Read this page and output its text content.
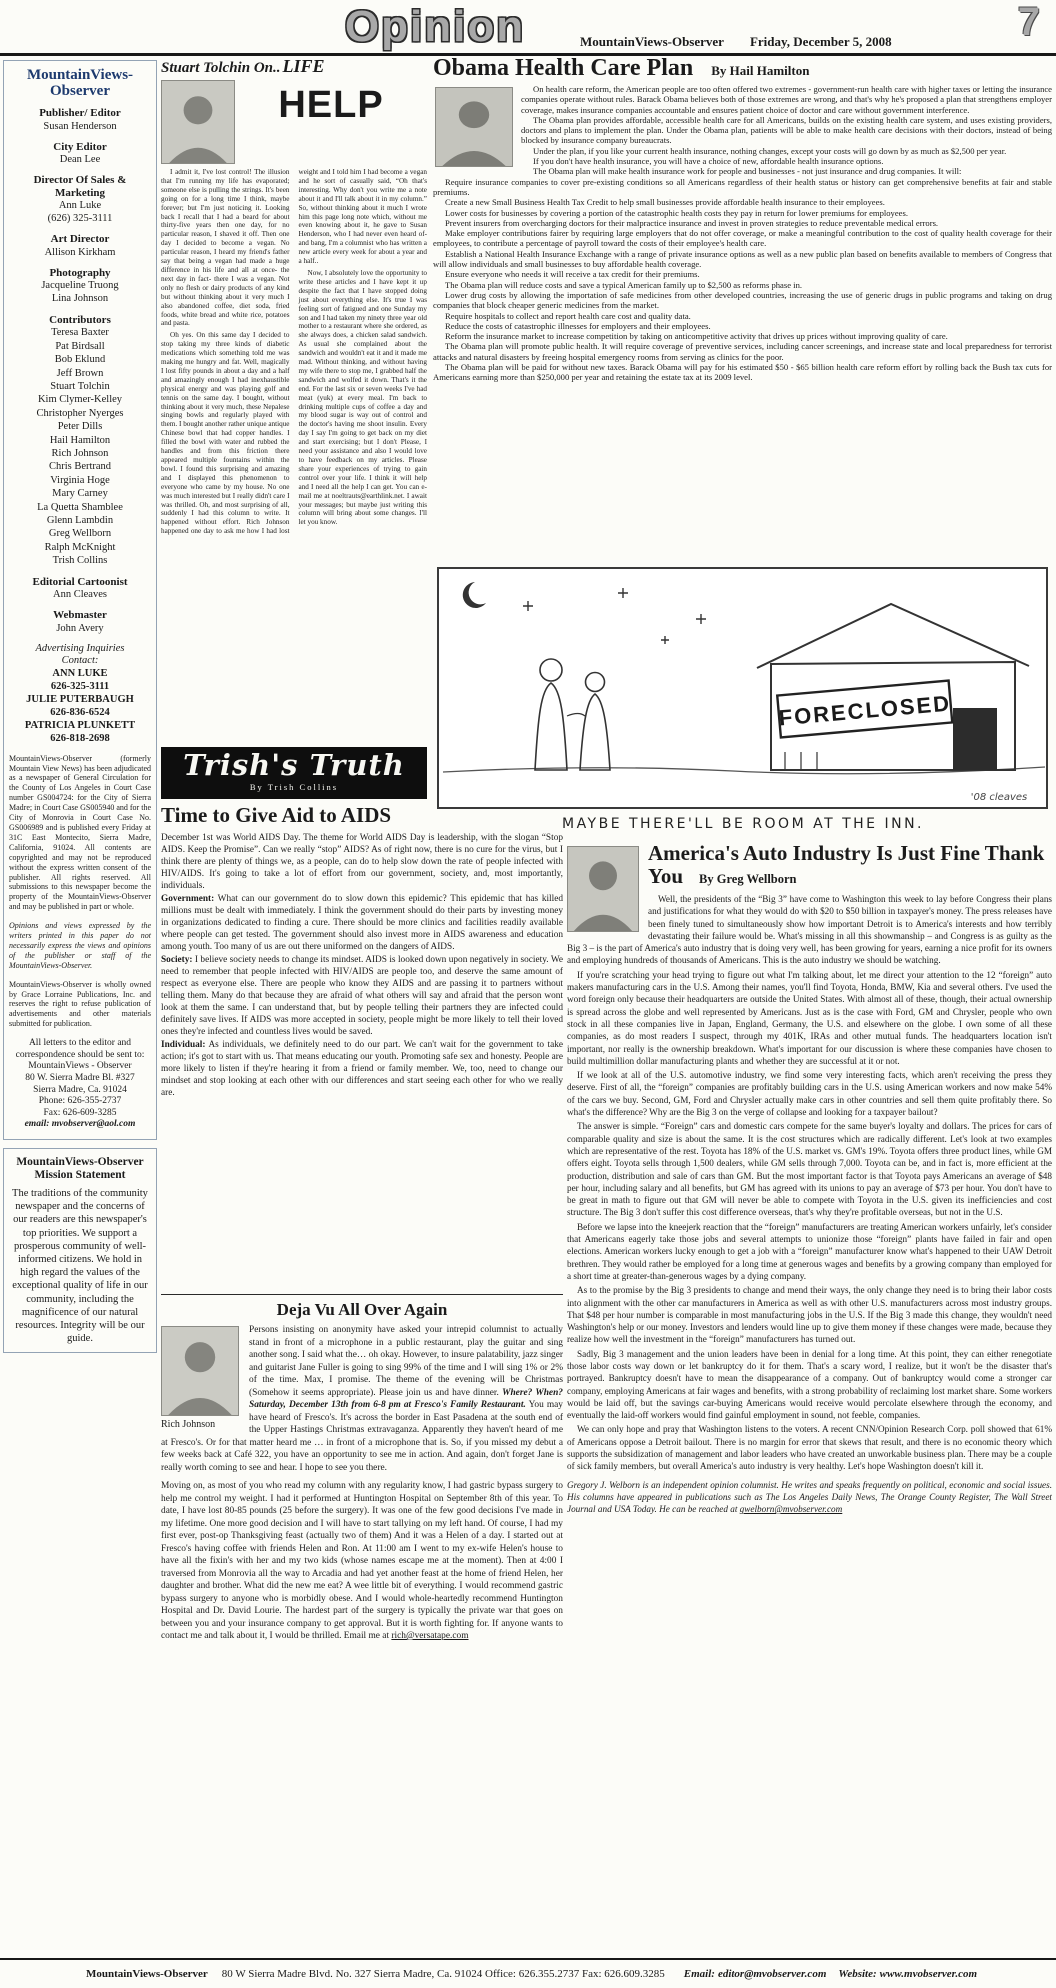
Opinion	7
MountainViews-Observer Friday, December 5, 2008
MountainViews-Observer
Publisher/ Editor
Susan Henderson
City Editor
Dean Lee
Director Of Sales & Marketing
Ann Luke
(626) 325-3111
Art Director
Allison Kirkham
Photography
Jacqueline Truong
Lina Johnson
Contributors
Teresa Baxter
Pat Birdsall
Bob Eklund
Jeff Brown
Stuart Tolchin
Kim Clymer-Kelley
Christopher Nyerges
Peter Dills
Hail Hamilton
Rich Johnson
Chris Bertrand
Virginia Hoge
Mary Carney
La Quetta Shamblee
Glenn Lambdin
Greg Wellborn
Ralph McKnight
Trish Collins
Editorial Cartoonist
Ann Cleaves
Webmaster
John Avery
Advertising Inquiries
Contact:
ANN LUKE
626-325-3111
JULIE PUTERBAUGH
626-836-6524
PATRICIA PLUNKETT
626-818-2698
MountainViews-Observer (formerly Mountain View News) has been adjudicated as a newspaper of General Circulation for the County of Los Angeles in Court Case number GS004724: for the City of Sierra Madre; in Court Case GS005940 and for the City of Monrovia in Court Case No. GS006989 and is published every Friday at 31C East Montecito, Sierra Madre, California, 91024. All contents are copyrighted and may not be reproduced without the express written consent of the publisher. All rights reserved. All submissions to this newspaper become the property of the MountainViews-Observer and may be published in part or whole.
Opinions and views expressed by the writers printed in this paper do not necessarily express the views and opinions of the publisher or staff of the MountainViews-Observer.
MountainViews-Observer is wholly owned by Grace Lorraine Publications, Inc. and reserves the right to refuse publication of advertisements and other materials submitted for publication.
All letters to the editor and correspondence should be sent to:
MountainViews - Observer
80 W. Sierra Madre Bl. #327
Sierra Madre, Ca. 91024
Phone: 626-355-2737
Fax: 626-609-3285
email: mvobserver@aol.com
MountainViews-Observer
Mission Statement
The traditions of the community newspaper and the concerns of our readers are this newspaper's top priorities. We support a prosperous community of well-informed citizens. We hold in high regard the values of the exceptional quality of life in our community, including the magnificence of our natural resources. Integrity will be our guide.
Stuart Tolchin On.. LIFE
HELP

I admit it, I've lost control! The illusion that I'm running my life has evaporated; someone else is pulling the strings. It's been going on for a long time I think, maybe forever; but I'm just noticing it. Looking back I recall that I had a beard for about thirty-five years then one day, for no particular reason, I shaved it off. Then one day I decided to become a vegan. No particular reason, I heard my friend's father say that being a vegan had made a huge difference in his life and all at once- the next day in fact- there I was a vegan. Not only no flesh or dairy products of any kind but without thinking about it very much I also abandoned coffee, diet soda, fried foods, white bread and white rice, potatoes and pasta.

Oh yes. On this same day I decided to stop taking my three kinds of diabetic medications which something told me was making me hungry and fat. Well, magically I lost fifty pounds in about a day and a half and amazingly enough I had inexhaustible physical energy and was playing golf and tennis on the same day. I bought, without thinking about it very much, these Nepalese singing bowls and regularly played with them. I bought another rather unique antique Chinese bowl that had copper handles. I filled the bowl with water and rubbed the handles and from this friction there appeared multiple fountains within the bowl. I found this surprising and amazing and I displayed this phenomenon to everyone who came by my house. No one was much interested but I really didn't care I was thrilled. Oh, and most surprising of all, suddenly I had this column to write. It happened without effort. Rich Johnson happened one day to ask me how I had lost weight and I told him I had become a vegan and he sort of casually said, “Oh that's interesting. Why don't you write me a note about it and I'll talk about it in my column.” So, without thinking about it much I wrote him this page long note which, without me even knowing about it, he gave to Susan Henderson, who I had never even heard of- and bang, I'm a columnist who has written a new article every week for about a year and a half..

Now, I absolutely love the opportunity to write these articles and I have kept it up despite the fact that I have stopped doing just about everything else. It's true I was feeling sort of fatigued and one Sunday my son and I had taken my ninety three year old mother to a restaurant where she ordered, as she always does, a chicken salad sandwich. As usual she complained about the sandwich and wouldn't eat it and it made me mad. Without thinking, and without having my wife there to stop me, I grabbed half the sandwich and wolfed it down. That's it the end. For the last six or seven weeks I've had meat (yuk) at every meal. I'm back to drinking multiple cups of coffee a day and my blood sugar is way out of control and the doctor's having me shoot insulin. Every day I say I'm going to get back on my diet and start exercising; but I don't Please, I need your assistance and also I would love to have feedback on my articles. Please share your experiences of trying to gain control over your life. I think it will help and I need all the help I can get. You can e-mail me at noeltrauts@earthlink.net. I await your messages; but maybe just writing this column will bring about some changes. I'll let you know.

Obama Health Care Plan By Hail Hamilton

On health care reform, the American people are too often offered two extremes - government-run health care with higher taxes or letting the insurance companies operate without rules. Barack Obama believes both of those extremes are wrong, and that's why he's proposed a plan that strengthens employer coverage, makes insurance companies accountable and ensures patient choice of doctor and care without government interference.

The Obama plan provides affordable, accessible health care for all Americans, builds on the existing health care system, and uses existing providers, doctors and plans to implement the plan. Under the Obama plan, patients will be able to make health care decisions with their doctors, instead of being blocked by insurance company bureaucrats.

Under the plan, if you like your current health insurance, nothing changes, except your costs will go down by as much as $2,500 per year.

If you don't have health insurance, you will have a choice of new, affordable health insurance options.

The Obama plan will make health insurance work for people and businesses - not just insurance and drug companies. It will:

Require insurance companies to cover pre-existing conditions so all Americans regardless of their health status or history can get comprehensive benefits at fair and stable premiums.

Create a new Small Business Health Tax Credit to help small businesses provide affordable health insurance to their employees.

Lower costs for businesses by covering a portion of the catastrophic health costs they pay in return for lower premiums for employees.

Prevent insurers from overcharging doctors for their malpractice insurance and invest in proven strategies to reduce preventable medical errors.

Make employer contributions fairer by requiring large employers that do not offer coverage, or make a meaningful contribution to the cost of quality health coverage for their employees, to contribute a percentage of payroll toward the costs of their employee's health care.

Establish a National Health Insurance Exchange with a range of private insurance options as well as a new public plan based on benefits available to members of Congress that will allow individuals and small businesses to buy affordable health coverage.

Ensure everyone who needs it will receive a tax credit for their premiums.

The Obama plan will reduce costs and save a typical American family up to $2,500 as reforms phase in.

Lower drug costs by allowing the importation of safe medicines from other developed countries, increasing the use of generic drugs in public programs and taking on drug companies that block cheaper generic medicines from the market.

Require hospitals to collect and report health care cost and quality data.

Reduce the costs of catastrophic illnesses for employers and their employees.

Reform the insurance market to increase competition by taking on anticompetitive activity that drives up prices without improving quality of care.

The Obama plan will promote public health. It will require coverage of preventive services, including cancer screenings, and increase state and local preparedness for terrorist attacks and natural disasters by freeing hospital emergency rooms from serving as clinics for the poor.

The Obama plan will be paid for without new taxes. Barack Obama will pay for his estimated $50 - $65 billion health care reform effort by rolling back the Bush tax cuts for Americans earning more than $250,000 per year and retaining the estate tax at its 2009 level.

FORECLOSED
MAYBE THERE'LL BE ROOM AT THE INN.
'08 cleaves
Trish's Truth
By Trish Collins
Time to Give Aid to AIDS

December 1st was World AIDS Day. The theme for World AIDS Day is leadership, with the slogan “Stop AIDS. Keep the Promise”. Can we really “stop” AIDS? As of right now, there is no cure for the virus, but I think there are plenty of things we, as a people, can do to help slow down the rate of people infected with HIV/AIDS. It's going to take a lot of effort from our government, society, and, most importantly, individuals.

Government: What can our government do to slow down this epidemic? This epidemic that has killed millions must be dealt with immediately. I think the government should do their parts by investing money in organizations dedicated to finding a cure. There should be more clinics and facilities readily available where people can get tested. The government should also invest more in AIDS awareness and education among youth. Too many of us are out there uniformed on the dangers of AIDS.

Society: I believe society needs to change its mindset. AIDS is looked down upon negatively in society. We need to remember that people infected with HIV/AIDS are people too, and deserve the same amount of respect as everyone else. There are people who know they AIDS and are passing it to partners without telling them. Many do that because they are afraid of what others will say and afraid that the person wont look at them the same. I can understand that, but by people telling their partners they are infected could definitely save lives. If AIDS was more accepted in society, people might be more likely to tell their loved ones they're infected and countless lives would be saved.

Individual: As individuals, we definitely need to do our part. We can't wait for the government to take action; it's got to start with us. That means educating our youth. Promoting safe sex and honesty. People are more likely to listen if they're hearing it from a friend or family member. We, too, need to change our mindset and stop looking at each other with our differences and start seeing each other for who we really are.

Deja Vu All Over Again
Rich Johnson

Persons insisting on anonymity have asked your intrepid columnist to actually stand in front of a microphone in a public restaurant, play the guitar and sing another song. I said what the… oh okay. However, to insure palatability, jazz singer and guitarist Jane Fuller is going to sing 99% of the time and I will sing 1% or 2% of the time. Max, I promise. The theme of the evening will be Christmas (Somehow it seems appropriate). Please join us and have dinner. Where? When? Saturday, December 13th from 6-8 pm at Fresco's Family Restaurant. You may have heard of Fresco's. It's across the border in East Pasadena at the south end of the Upper Hastings Christmas extravaganza. Apparently they haven't heard of me at Fresco's. Or for that matter heard me … in front of a microphone that is. So, if you missed my debut a few weeks back at Café 322, you have an opportunity to see me in action. And again, don't forget Jane is really worth coming to see and hear. I hope to see you there.

Moving on, as most of you who read my column with any regularity know, I had gastric bypass surgery to help me control my weight. I had it performed at Huntington Hospital on September 8th of this year. To date, I have lost 80-85 pounds (25 before the surgery). It was one of the few good decisions I've made in my lifetime. One more good decision and I will have to start tallying on my left hand. Of course, I had my first ever, post-op Thanksgiving feast (actually two of them) And it was a Helen of a day. I started out at Fresco's having coffee with friends Helen and Ron. At 11:00 am I went to my ex-wife Helen's house to have all the fixin's with her and my two kids (whose names escape me at the moment). Then at 4:00 I traversed from Monrovia all the way to Arcadia and had yet another feast at the home of friend Helen, her daughter and brother. What did the new me eat? A wee little bit of everything. I would recommend gastric bypass surgery to anyone who is morbidly obese. And I would whole-heartedly recommend Huntington Hospital and Dr. David Lourie. The hardest part of the surgery is typically the private war that goes on between you and your insurance company to get approval. But it is worth fighting for. If anyone wants to contact me and talk about it, I would be thrilled. Email me at rich@versatape.com

America's Auto Industry Is Just Fine Thank You By Greg Wellborn

Well, the presidents of the “Big 3” have come to Washington this week to lay before Congress their plans and justifications for what they would do with $20 to $50 billion in taxpayer's money. The press releases have been finely tuned to simultaneously show how important Detroit is to America's interests and how terribly devastating their failure would be. What's missing in all this showmanship – and Congress is as guilty as the Big 3 – is the part of America's auto industry that is doing very well, has been growing for years, earning a nice profit for its owners and employing hundreds of thousands of Americans. This is the auto industry we should be watching.

If you're scratching your head trying to figure out what I'm talking about, let me direct your attention to the 12 “foreign” auto makers manufacturing cars in the U.S. Among their names, you'll find Toyota, Honda, BMW, Kia and several others. I've used the word foreign only because their headquarters are outside the United States. With almost all of these, though, their actual ownership is spread across the globe and well represented by Americans. Just as is the case with Ford, GM and Chrysler, people who own stock in all these companies live in Japan, England, Germany, the U.S. and elsewhere on the globe. I own some of all these companies, as do most readers I suspect, through my 401K, IRAs and other mutual funds. The headquarters location isn't important, nor really is the ownership breakdown. What's important for our discussion is where these companies have chosen to build multimillion dollar manufacturing plants and whether they are successful at it or not.

If we look at all of the U.S. automotive industry, we find some very interesting facts, which aren't receiving the press they deserve. First of all, the “foreign” companies are profitably building cars in the U.S. using American workers and now make 54% of the cars we buy. Second, GM, Ford and Chrysler actually make cars in other countries and sell them quite profitably there. So what's the difference? Why are the Big 3 on the verge of collapse and looking for a taxpayer bailout?

The answer is simple. “Foreign” cars and domestic cars compete for the same buyer's loyalty and dollars. The prices for cars of comparable quality and size is about the same. It is the cost structures which are radically different. Let's look at two examples which are representative of the rest. Toyota has 18% of the U.S. market vs. GM's 19%. Toyota offers three product lines, while GM offers eight. Toyota sells through 1,500 dealers, while GM sells through 7,000. Toyota can be, and in fact is, more efficient at the production, distribution and sale of cars than GM. But the most important factor is that Toyota pays Americans an average of $48 per hour, including salary and all benefits, but GM has agreed with its unions to pay an average of $73 per hour. You don't have to be great in math to figure out that GM will never be able to compete with Toyota in the U.S. given its inefficiencies and cost structure. The Big 3 don't suffer this cost difference overseas, that's why they're profitable overseas, but not in the U.S.

Before we lapse into the kneejerk reaction that the “foreign” manufacturers are treating American workers unfairly, let's consider that Americans eagerly take those jobs and several attempts to unionize those “foreign” plants have failed in fair and open elections. American workers lucky enough to get a job with a “foreign” manufacturer know what's happened to their UAW Detroit brethren. They would rather be employed for a long time at generous wages and benefits by a growing company than employed for a short time at greater-than-generous wages by a dying company.

As to the promise by the Big 3 presidents to change and mend their ways, the only change they need is to bring their labor costs into alignment with the other car manufacturers in America as well as with other U.S. manufacturers across most industry groups. That $48 per hour number is comparable in most manufacturing jobs in the U.S. If the Big 3 made this change, they wouldn't need Washington's help or our money. Investors and lenders would line up to give them money if these changes were made, because they realize how well the investment in the “foreign” manufacturers has turned out.

Sadly, Big 3 management and the union leaders have been in denial for a long time. At this point, they can either renegotiate those labor costs way down or let bankruptcy do it for them. That's a scary word, I realize, but it won't be the disaster that's portrayed. Bankruptcy doesn't have to mean the disappearance of a company. Out of bankruptcy would come a stronger car company, employing Americans at fair wages and benefits, with a strong probability of reclaiming lost market share. Some workers would be laid off, but the savings car-buying Americans would receive would percolate elsewhere through the economy, and eventually the laid-off workers would find gainful employment in sound, not feeble, companies.

We can only hope and pray that Washington listens to the voters. A recent CNN/Opinion Research Corp. poll showed that 61% of Americans oppose a Detroit bailout. There is no margin for error that skews that result, and there is no economic theory which supports the subsidization of management and labor leaders who have created an unworkable business plan. There may be a couple of sick family members, but overall America's auto industry is very healthy. Let's hope Washington doesn't kill it.

Gregory J. Welborn is an independent opinion columnist. He writes and speaks frequently on political, economic and social issues. His columns have appeared in publications such as The Los Angeles Daily News, The Orange County Register, The Wall Street Journal and USA Today. He can be reached at gwelborn@mvobserver.com
MountainViews-Observer 80 W Sierra Madre Blvd. No. 327 Sierra Madre, Ca. 91024 Office: 626.355.2737 Fax: 626.609.3285 Email: editor@mvobserver.com Website: www.mvobserver.com
